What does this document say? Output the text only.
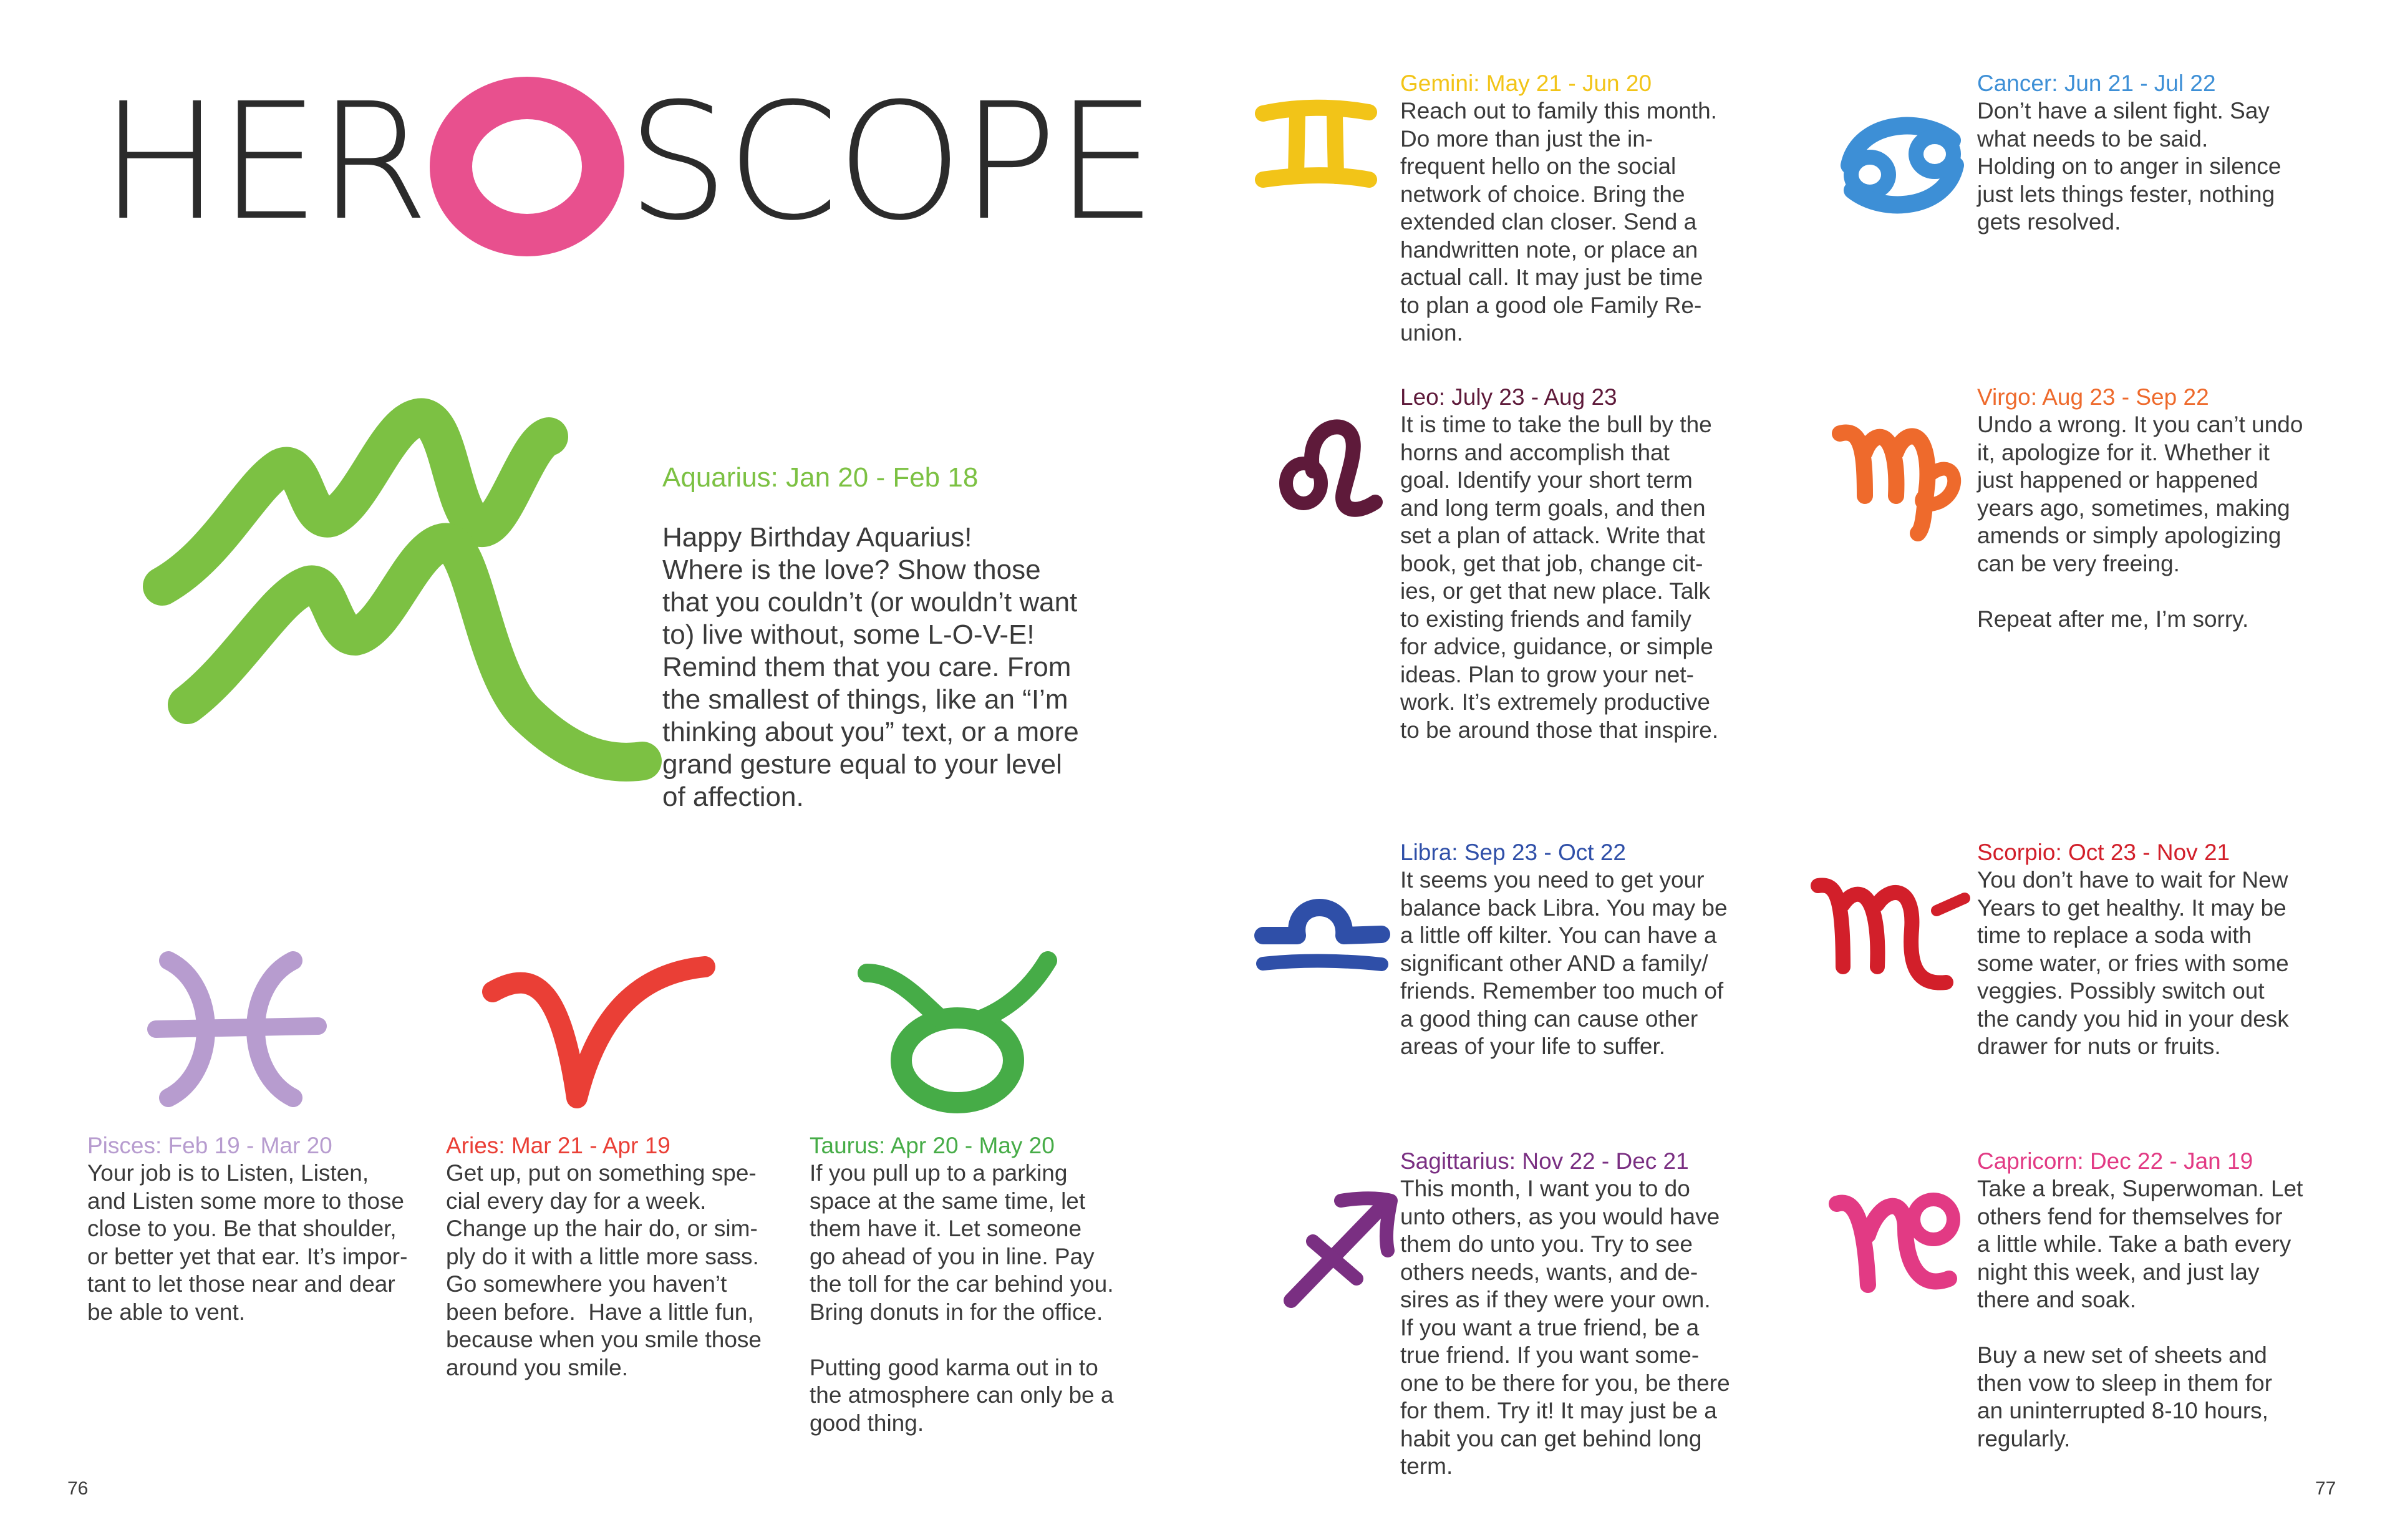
HER SCOPE

Aquarius: Jan 20 - Feb 18

Happy Birthday Aquarius!
Where is the love? Show those
that you couldn’t (or wouldn’t want
to) live without, some L-O-V-E!
Remind them that you care. From
the smallest of things, like an “I’m
thinking about you” text, or a more
grand gesture equal to your level
of affection.

Pisces: Feb 19 - Mar 20

Your job is to Listen, Listen,
and Listen some more to those
close to you. Be that shoulder,
or better yet that ear. It’s impor-
tant to let those near and dear
be able to vent.

Aries: Mar 21 - Apr 19

Get up, put on something spe-
cial every day for a week.
Change up the hair do, or sim-
ply do it with a little more sass.
Go somewhere you haven’t
been before.  Have a little fun,
because when you smile those
around you smile.

Taurus: Apr 20 - May 20

If you pull up to a parking
space at the same time, let
them have it. Let someone
go ahead of you in line. Pay
the toll for the car behind you.
Bring donuts in for the office.

Putting good karma out in to
the atmosphere can only be a
good thing.

Gemini: May 21 - Jun 20

Reach out to family this month.
Do more than just the in-
frequent hello on the social
network of choice. Bring the
extended clan closer. Send a
handwritten note, or place an
actual call. It may just be time
to plan a good ole Family Re-
union.

Cancer: Jun 21 - Jul 22

Don’t have a silent fight. Say
what needs to be said.
Holding on to anger in silence
just lets things fester, nothing
gets resolved.

Leo: July 23 - Aug 23

It is time to take the bull by the
horns and accomplish that
goal. Identify your short term
and long term goals, and then
set a plan of attack. Write that
book, get that job, change cit-
ies, or get that new place. Talk
to existing friends and family
for advice, guidance, or simple
ideas. Plan to grow your net-
work. It’s extremely productive
to be around those that inspire.

Virgo: Aug 23 - Sep 22

Undo a wrong. It you can’t undo
it, apologize for it. Whether it
just happened or happened
years ago, sometimes, making
amends or simply apologizing
can be very freeing.

Repeat after me, I’m sorry.

Libra: Sep 23 - Oct 22

It seems you need to get your
balance back Libra. You may be
a little off kilter. You can have a
significant other AND a family/
friends. Remember too much of
a good thing can cause other
areas of your life to suffer.

Scorpio: Oct 23 - Nov 21

You don’t have to wait for New
Years to get healthy. It may be
time to replace a soda with
some water, or fries with some
veggies. Possibly switch out
the candy you hid in your desk
drawer for nuts or fruits.

Sagittarius: Nov 22 - Dec 21

This month, I want you to do
unto others, as you would have
them do unto you. Try to see
others needs, wants, and de-
sires as if they were your own.
If you want a true friend, be a
true friend. If you want some-
one to be there for you, be there
for them. Try it! It may just be a
habit you can get behind long
term.

Capricorn: Dec 22 - Jan 19

Take a break, Superwoman. Let
others fend for themselves for
a little while. Take a bath every
night this week, and just lay
there and soak.

Buy a new set of sheets and
then vow to sleep in them for
an uninterrupted 8-10 hours,
regularly.

76	77
